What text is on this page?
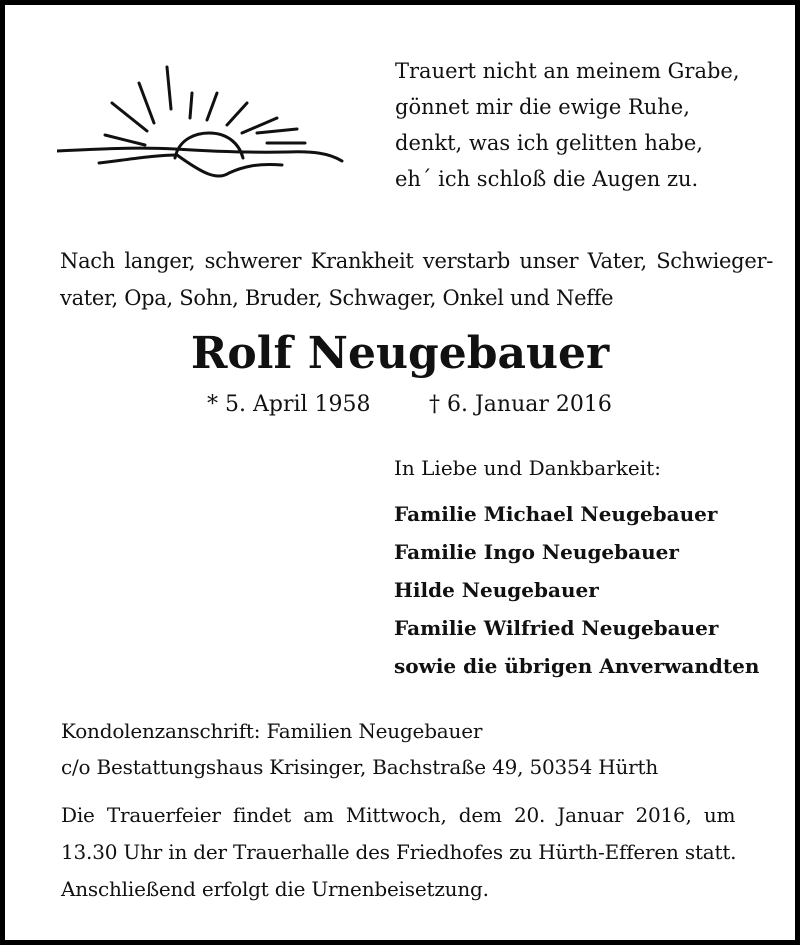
Trauert nicht an meinem Grabe,
gönnet mir die ewige Ruhe,
denkt, was ich gelitten habe,
eh´ ich schloß die Augen zu.
Nach langer, schwerer Krankheit verstarb unser Vater, Schwieger-
vater, Opa, Sohn, Bruder, Schwager, Onkel und Neffe
Rolf Neugebauer
* 5. April 1958	† 6. Januar 2016
In Liebe und Dankbarkeit:
Familie Michael Neugebauer
Familie Ingo Neugebauer
Hilde Neugebauer
Familie Wilfried Neugebauer
sowie die übrigen Anverwandten
Kondolenzanschrift: Familien Neugebauer
c/o Bestattungshaus Krisinger, Bachstraße 49, 50354 Hürth
Die Trauerfeier findet am Mittwoch, dem 20. Januar 2016, um
13.30 Uhr in der Trauerhalle des Friedhofes zu Hürth-Efferen statt.
Anschließend erfolgt die Urnenbeisetzung.
